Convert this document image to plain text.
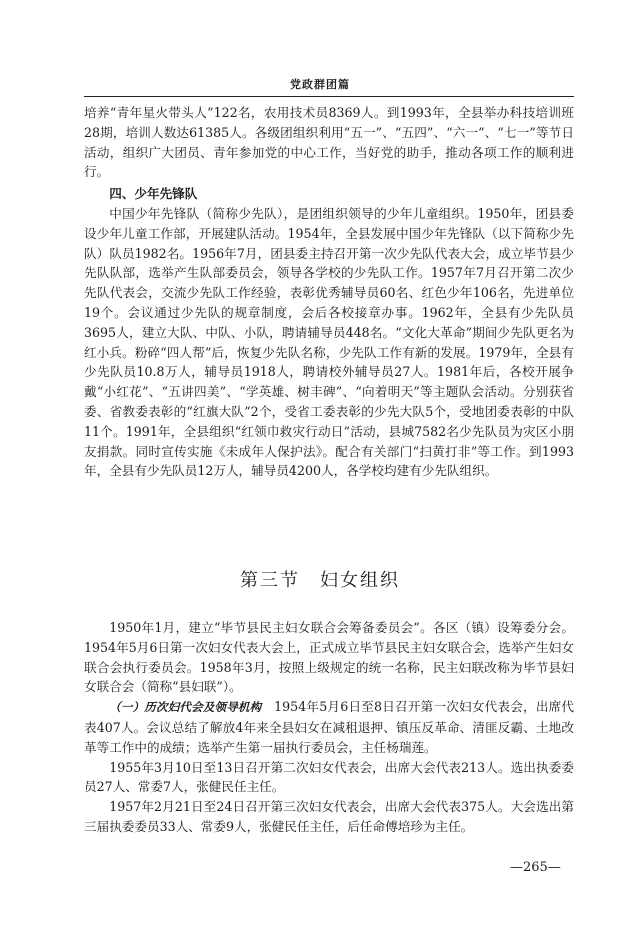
党政群团篇

培养“青年星火带头人”122名，农用技术员8369人。到1993年，全县举办科技培训班28期，培训人数达61385人。各级团组织利用“五一”、“五四”、“六一”、“七一”等节日活动，组织广大团员、青年参加党的中心工作，当好党的助手，推动各项工作的顺利进行。

四、少年先锋队

中国少年先锋队（简称少先队），是团组织领导的少年儿童组织。1950年，团县委设少年儿童工作部，开展建队活动。1954年，全县发展中国少年先锋队（以下简称少先队）队员1982名。1956年7月，团县委主持召开第一次少先队代表大会，成立毕节县少先队队部，选举产生队部委员会，领导各学校的少先队工作。1957年7月召开第二次少先队代表会，交流少先队工作经验，表彰优秀辅导员60名、红色少年106名，先进单位19个。会议通过少先队的规章制度，会后各校接章办事。1962年，全县有少先队员3695人，建立大队、中队、小队，聘请辅导员448名。“文化大革命”期间少先队更名为红小兵。粉碎“四人帮”后，恢复少先队名称，少先队工作有新的发展。1979年，全县有少先队员10.8万人，辅导员1918人，聘请校外辅导员27人。1981年后，各校开展争戴“小红花”、“五讲四美”、“学英雄、树丰碑”、“向着明天”等主题队会活动。分别获省委、省教委表彰的“红旗大队”2个，受省工委表彰的少先大队5个，受地团委表彰的中队11个。1991年，全县组织“红领巾救灾行动日”活动，县城7582名少先队员为灾区小朋友捐款。同时宣传实施《未成年人保护法》。配合有关部门“扫黄打非”等工作。到1993年，全县有少先队员12万人，辅导员4200人，各学校均建有少先队组织。

第三节　妇女组织

1950年1月，建立“毕节县民主妇女联合会筹备委员会”。各区（镇）设筹委分会。1954年5月6日第一次妇女代表大会上，正式成立毕节县民主妇女联合会，选举产生妇女联合会执行委员会。1958年3月，按照上级规定的统一名称，民主妇联改称为毕节县妇女联合会（简称“县妇联”）。

（一）历次妇代会及领导机构　 1954年5月6日至8日召开第一次妇女代表会，出席代表407人。会议总结了解放4年来全县妇女在减租退押、镇压反革命、清匪反霸、土地改革等工作中的成绩；选举产生第一届执行委员会，主任杨瑞莲。

1955年3月10日至13日召开第二次妇女代表会，出席大会代表213人。选出执委委员27人、常委7人，张健民任主任。

1957年2月21日至24日召开第三次妇女代表会，出席大会代表375人。大会选出第三届执委委员33人、常委9人，张健民任主任，后任命傅培珍为主任。

—265—
